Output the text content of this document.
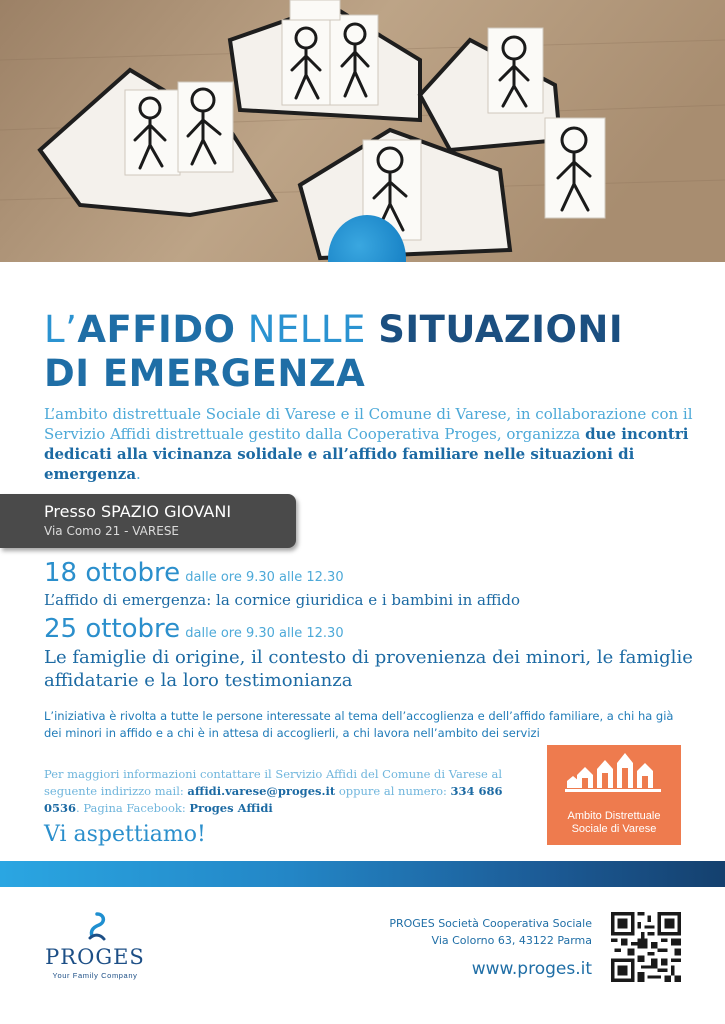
L’AFFIDO NELLE SITUAZIONI
DI EMERGENZA

L’ambito distrettuale Sociale di Varese e il Comune di Varese, in collaborazione con il Servizio Affidi distrettuale gestito dalla Cooperativa Proges, organizza due incontri dedicati alla vicinanza solidale e all’affido familiare nelle situazioni di emergenza.

Presso SPAZIO GIOVANI
Via Como 21 - VARESE
18 ottobre dalle ore 9.30 alle 12.30
L’affido di emergenza: la cornice giuridica e i bambini in affido
25 ottobre dalle ore 9.30 alle 12.30
Le famiglie di origine, il contesto di provenienza dei minori, le famiglie affidatarie e la loro testimonianza

L’iniziativa è rivolta a tutte le persone interessate al tema dell’accoglienza e dell’affido familiare, a chi ha già dei minori in affido e a chi è in attesa di accoglierli, a chi lavora nell’ambito dei servizi

Per maggiori informazioni contattare il Servizio Affidi del Comune di Varese al seguente indirizzo mail: affidi.varese@proges.it oppure al numero: 334 686 0536. Pagina Facebook: Proges Affidi

Vi aspettiamo!
Ambito Distrettuale
Sociale di Varese
PROGES
Your Family Company
PROGES Società Cooperativa Sociale
Via Colorno 63, 43122 Parma
www.proges.it
